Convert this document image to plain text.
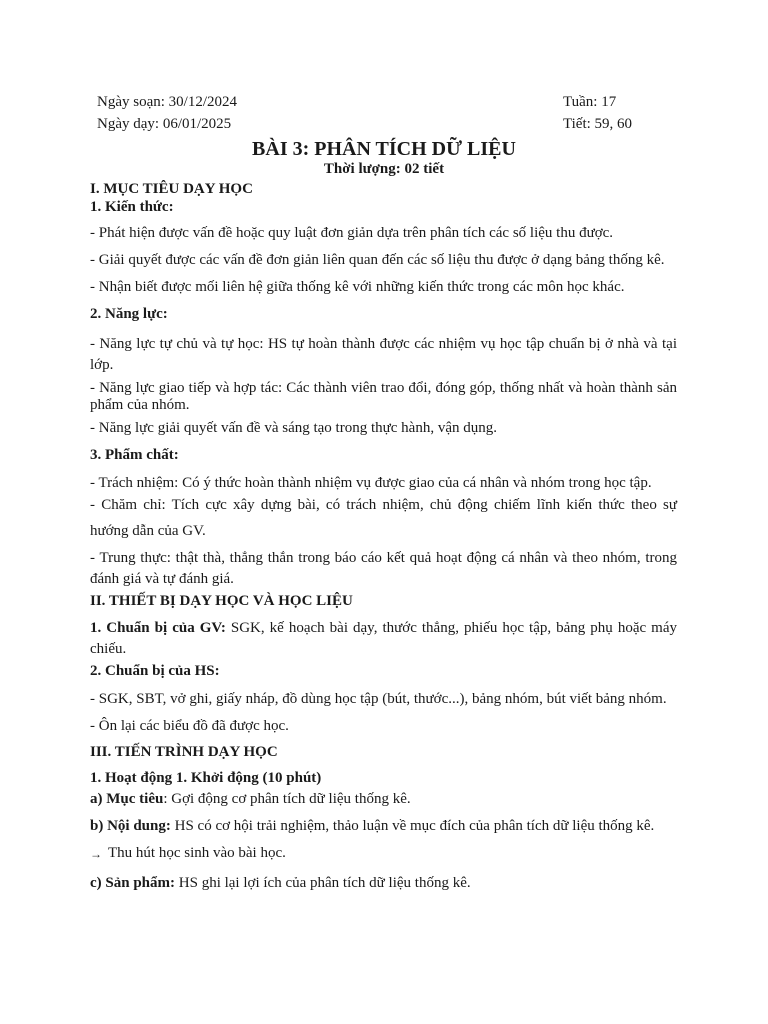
Ngày soạn: 30/12/2024
Ngày dạy: 06/01/2025
Tuần: 17
Tiết: 59, 60
BÀI 3: PHÂN TÍCH DỮ LIỆU
Thời lượng: 02 tiết
I. MỤC TIÊU DẠY HỌC
1. Kiến thức:
- Phát hiện được vấn đề hoặc quy luật đơn giản dựa trên phân tích các số liệu thu được.
- Giải quyết được các vấn đề đơn giản liên quan đến các số liệu thu được ở dạng bảng thống kê.
- Nhận biết được mối liên hệ giữa thống kê với những kiến thức trong các môn học khác.
2. Năng lực:
- Năng lực tự chủ và tự học: HS tự hoàn thành được các nhiệm vụ học tập chuẩn bị ở nhà và tại lớp.
- Năng lực giao tiếp và hợp tác: Các thành viên trao đổi, đóng góp, thống nhất và hoàn thành sản phẩm của nhóm.
- Năng lực giải quyết vấn đề và sáng tạo trong thực hành, vận dụng.
3. Phẩm chất:
- Trách nhiệm: Có ý thức hoàn thành nhiệm vụ được giao của cá nhân và nhóm trong học tập.
- Chăm chỉ: Tích cực xây dựng bài, có trách nhiệm, chủ động chiếm lĩnh kiến thức theo sự
hướng dẫn của GV.
- Trung thực: thật thà, thẳng thắn trong báo cáo kết quả hoạt động cá nhân và theo nhóm, trong đánh giá và tự đánh giá.
II. THIẾT BỊ DẠY HỌC VÀ HỌC LIỆU
1. Chuẩn bị của GV: SGK, kế hoạch bài dạy, thước thẳng, phiếu học tập, bảng phụ hoặc máy chiếu.
2. Chuẩn bị của HS:
- SGK, SBT, vở ghi, giấy nháp, đồ dùng học tập (bút, thước...), bảng nhóm, bút viết bảng nhóm.
- Ôn lại các biểu đồ đã được học.
III. TIẾN TRÌNH DẠY HỌC
1. Hoạt động 1. Khởi động (10 phút)
a) Mục tiêu: Gợi động cơ phân tích dữ liệu thống kê.
b) Nội dung: HS có cơ hội trải nghiệm, thảo luận về mục đích của phân tích dữ liệu thống kê.
→ Thu hút học sinh vào bài học.
c) Sản phẩm: HS ghi lại lợi ích của phân tích dữ liệu thống kê.
